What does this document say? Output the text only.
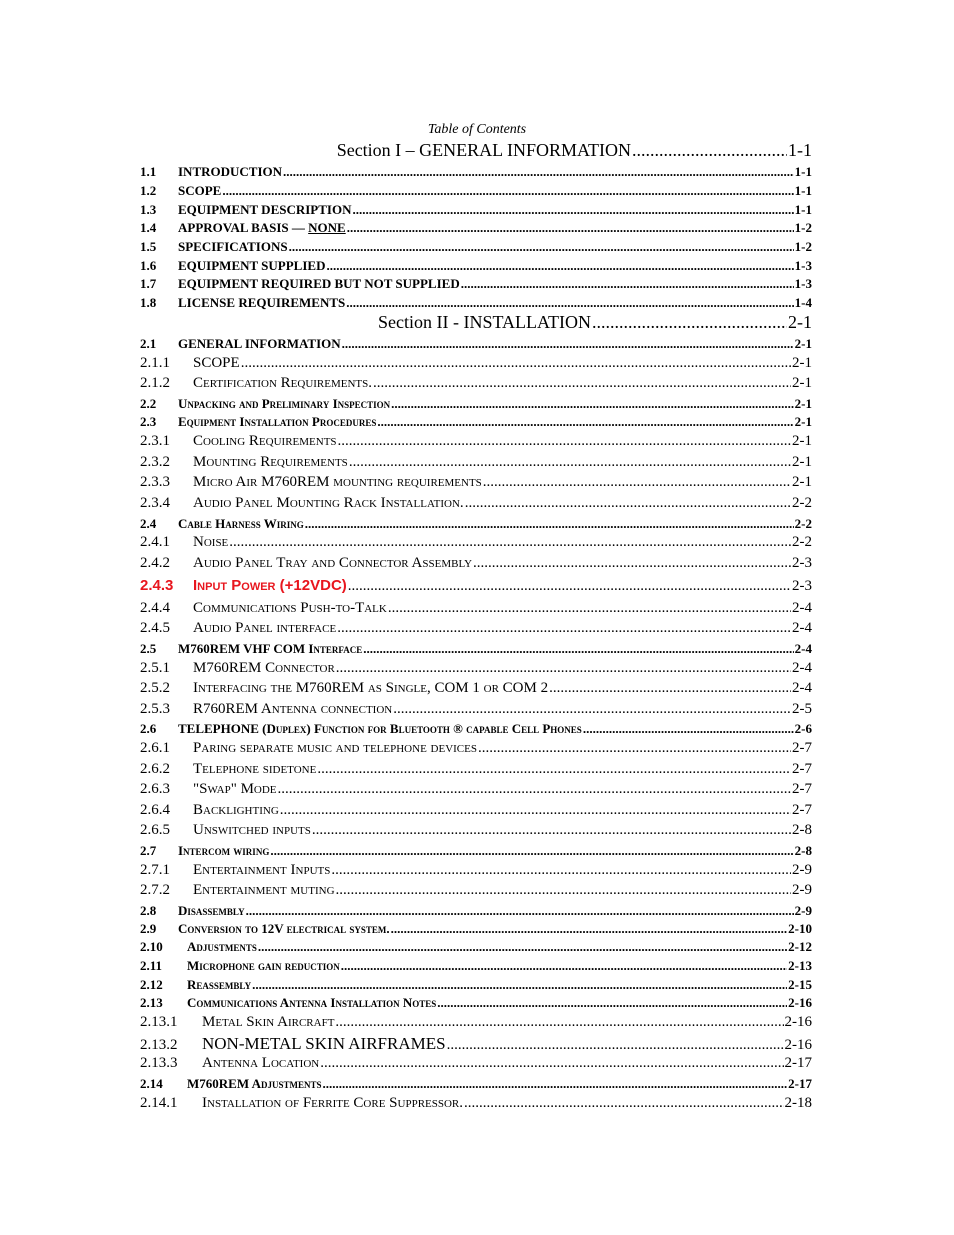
Table of Contents
Section I – GENERAL INFORMATION .....	1-1
1.1	INTRODUCTION .....	1-1
1.2	SCOPE .....	1-1
1.3	EQUIPMENT DESCRIPTION .....	1-1
1.4	APPROVAL BASIS — NONE .....	1-2
1.5	SPECIFICATIONS .....	1-2
1.6	EQUIPMENT SUPPLIED .....	1-3
1.7	EQUIPMENT REQUIRED BUT NOT SUPPLIED .....	1-3
1.8	LICENSE REQUIREMENTS .....	1-4
Section II - INSTALLATION .....	2-1
2.1	GENERAL INFORMATION .....	2-1
2.1.1	SCOPE .....	2-1
2.1.2	Certification Requirements. .....	2-1
2.2	Unpacking and Preliminary Inspection .....	2-1
2.3	Equipment Installation Procedures .....	2-1
2.3.1	Cooling Requirements .....	2-1
2.3.2	Mounting Requirements .....	2-1
2.3.3	Micro Air M760REM mounting requirements .....	2-1
2.3.4	Audio Panel Mounting Rack Installation. .....	2-2
2.4	Cable Harness Wiring .....	2-2
2.4.1	Noise .....	2-2
2.4.2	Audio Panel Tray and Connector Assembly .....	2-3
2.4.3	Input Power (+12VDC) .....	2-3
2.4.4	Communications Push-to-Talk .....	2-4
2.4.5	Audio Panel interface .....	2-4
2.5	M760REM VHF COM Interface .....	2-4
2.5.1	M760REM Connector .....	2-4
2.5.2	Interfacing the M760REM as Single, COM 1 or COM 2 .....	2-4
2.5.3	R760REM Antenna connection .....	2-5
2.6	TELEPHONE (Duplex) Function for Bluetooth ® capable Cell Phones .....	2-6
2.6.1	Paring separate music and telephone devices .....	2-7
2.6.2	Telephone sidetone .....	2-7
2.6.3	"Swap" Mode .....	2-7
2.6.4	Backlighting .....	2-7
2.6.5	Unswitched inputs .....	2-8
2.7	Intercom wiring .....	2-8
2.7.1	Entertainment Inputs .....	2-9
2.7.2	Entertainment muting .....	2-9
2.8	Disassembly .....	2-9
2.9	Conversion to 12V electrical system. .....	2-10
2.10	Adjustments .....	2-12
2.11	Microphone gain reduction .....	2-13
2.12	Reassembly .....	2-15
2.13	Communications Antenna Installation Notes .....	2-16
2.13.1	Metal Skin Aircraft .....	2-16
2.13.2	NON-METAL SKIN AIRFRAMES .....	2-16
2.13.3	Antenna Location .....	2-17
2.14	M760REM Adjustments .....	2-17
2.14.1	Installation of Ferrite Core Suppressor. .....	2-18
